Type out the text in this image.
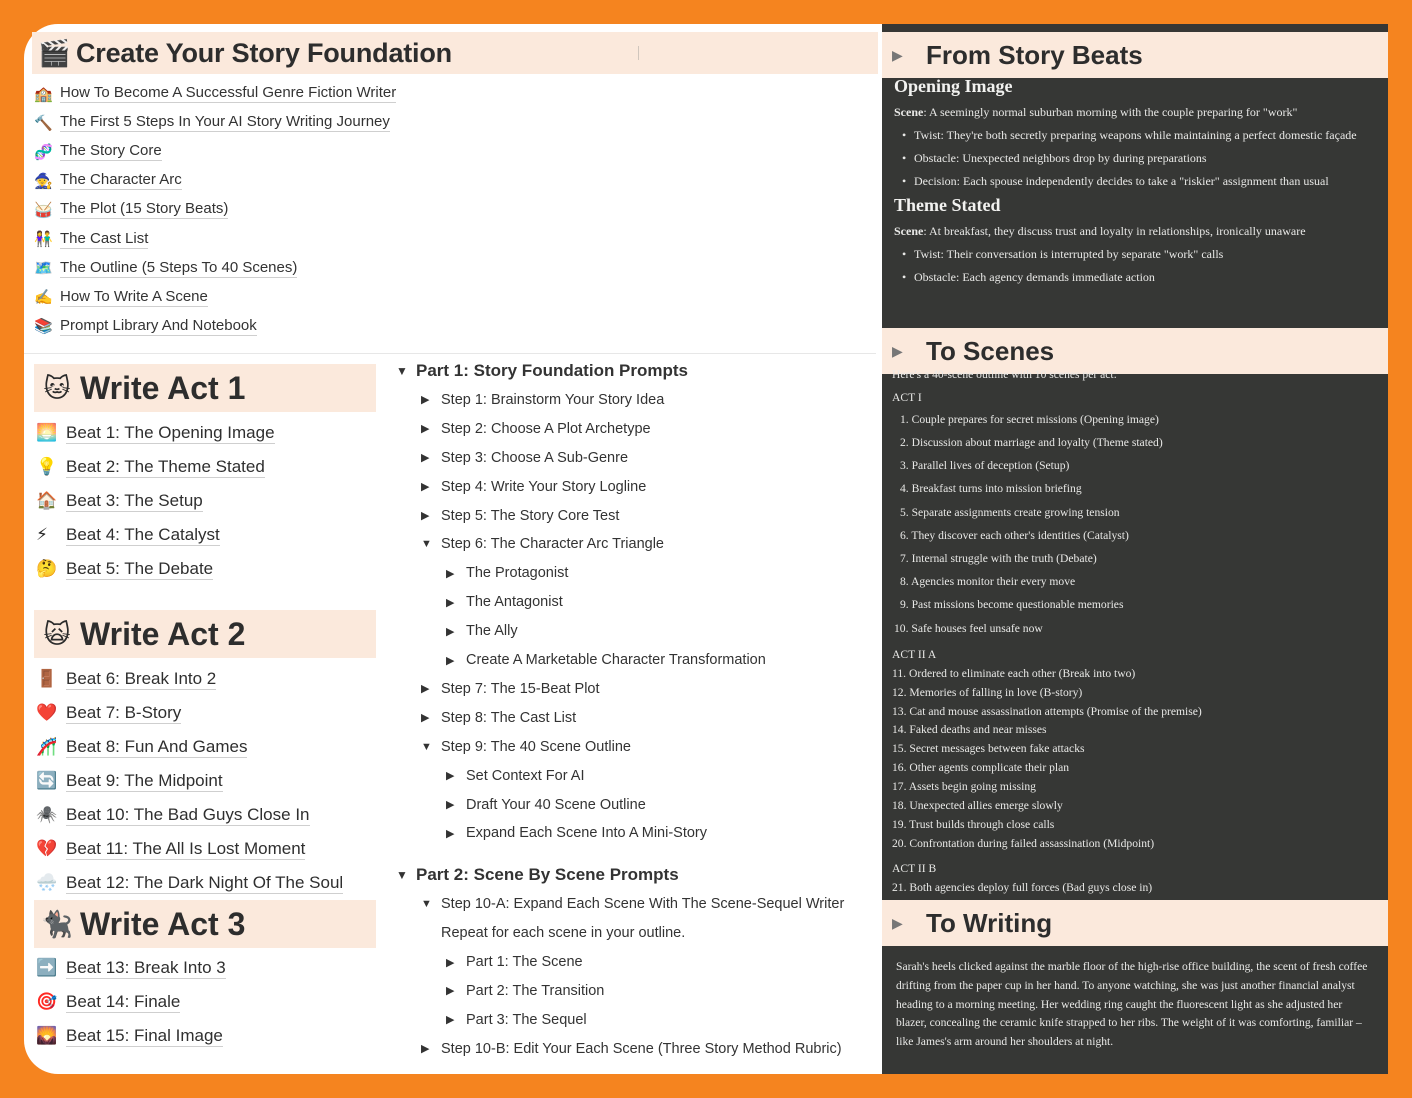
🎬 Create Your Story Foundation
🏫 How To Become A Successful Genre Fiction Writer
🔨 The First 5 Steps In Your AI Story Writing Journey
🧬 The Story Core
🧙 The Character Arc
🥁 The Plot (15 Story Beats)
👫 The Cast List
🗺️ The Outline (5 Steps To 40 Scenes)
✍️ How To Write A Scene
📚 Prompt Library And Notebook
🐱 Write Act 1
🌅 Beat 1: The Opening Image
💡 Beat 2: The Theme Stated
🏠 Beat 3: The Setup
⚡	Beat 4: The Catalyst
🤔 Beat 5: The Debate
🙀 Write Act 2
🚪 Beat 6: Break Into 2
❤️ Beat 7: B-Story
🎢 Beat 8: Fun And Games
🔄 Beat 9: The Midpoint
🕷️ Beat 10: The Bad Guys Close In
💔 Beat 11: The All Is Lost Moment
🌨️ Beat 12: The Dark Night Of The Soul
🐈‍⬛ Write Act 3
➡️ Beat 13: Break Into 3
🎯 Beat 14: Finale
🌄 Beat 15: Final Image
▼ Part 1: Story Foundation Prompts
▶ Step 1: Brainstorm Your Story Idea
▶ Step 2: Choose A Plot Archetype
▶ Step 3: Choose A Sub-Genre
▶ Step 4: Write Your Story Logline
▶ Step 5: The Story Core Test
▼ Step 6: The Character Arc Triangle
▶ The Protagonist
▶ The Antagonist
▶ The Ally
▶ Create A Marketable Character Transformation
▶ Step 7: The 15-Beat Plot
▶ Step 8: The Cast List
▼ Step 9: The 40 Scene Outline
▶ Set Context For AI
▶ Draft Your 40 Scene Outline
▶ Expand Each Scene Into A Mini-Story
▼ Part 2: Scene By Scene Prompts
▼ Step 10-A: Expand Each Scene With The Scene-Sequel Writer
Repeat for each scene in your outline.
▶ Part 1: The Scene
▶ Part 2: The Transition
▶ Part 3: The Sequel
▶ Step 10-B: Edit Your Each Scene (Three Story Method Rubric)
▶ From Story Beats
Opening Image

Scene: A seemingly normal suburban morning with the couple preparing for "work"

• Twist: They're both secretly preparing weapons while maintaining a perfect domestic façade
• Obstacle: Unexpected neighbors drop by during preparations
• Decision: Each spouse independently decides to take a "riskier" assignment than usual
Theme Stated

Scene: At breakfast, they discuss trust and loyalty in relationships, ironically unaware

• Twist: Their conversation is interrupted by separate "work" calls
• Obstacle: Each agency demands immediate action
▶ To Scenes
Here's a 40-scene outline with 10 scenes per act:
ACT I
1. Couple prepares for secret missions (Opening image)
2. Discussion about marriage and loyalty (Theme stated)
3. Parallel lives of deception (Setup)
4. Breakfast turns into mission briefing
5. Separate assignments create growing tension
6. They discover each other's identities (Catalyst)
7. Internal struggle with the truth (Debate)
8. Agencies monitor their every move
9. Past missions become questionable memories
10. Safe houses feel unsafe now
ACT II A
11. Ordered to eliminate each other (Break into two)
12. Memories of falling in love (B-story)
13. Cat and mouse assassination attempts (Promise of the premise)
14. Faked deaths and near misses
15. Secret messages between fake attacks
16. Other agents complicate their plan
17. Assets begin going missing
18. Unexpected allies emerge slowly
19. Trust builds through close calls
20. Confrontation during failed assassination (Midpoint)
ACT II B
21. Both agencies deploy full forces (Bad guys close in)
▶ To Writing

Sarah's heels clicked against the marble floor of the high-rise office building, the scent of fresh coffee drifting from the paper cup in her hand. To anyone watching, she was just another financial analyst heading to a morning meeting. Her wedding ring caught the fluorescent light as she adjusted her blazer, concealing the ceramic knife strapped to her ribs. The weight of it was comforting, familiar – like James's arm around her shoulders at night.
